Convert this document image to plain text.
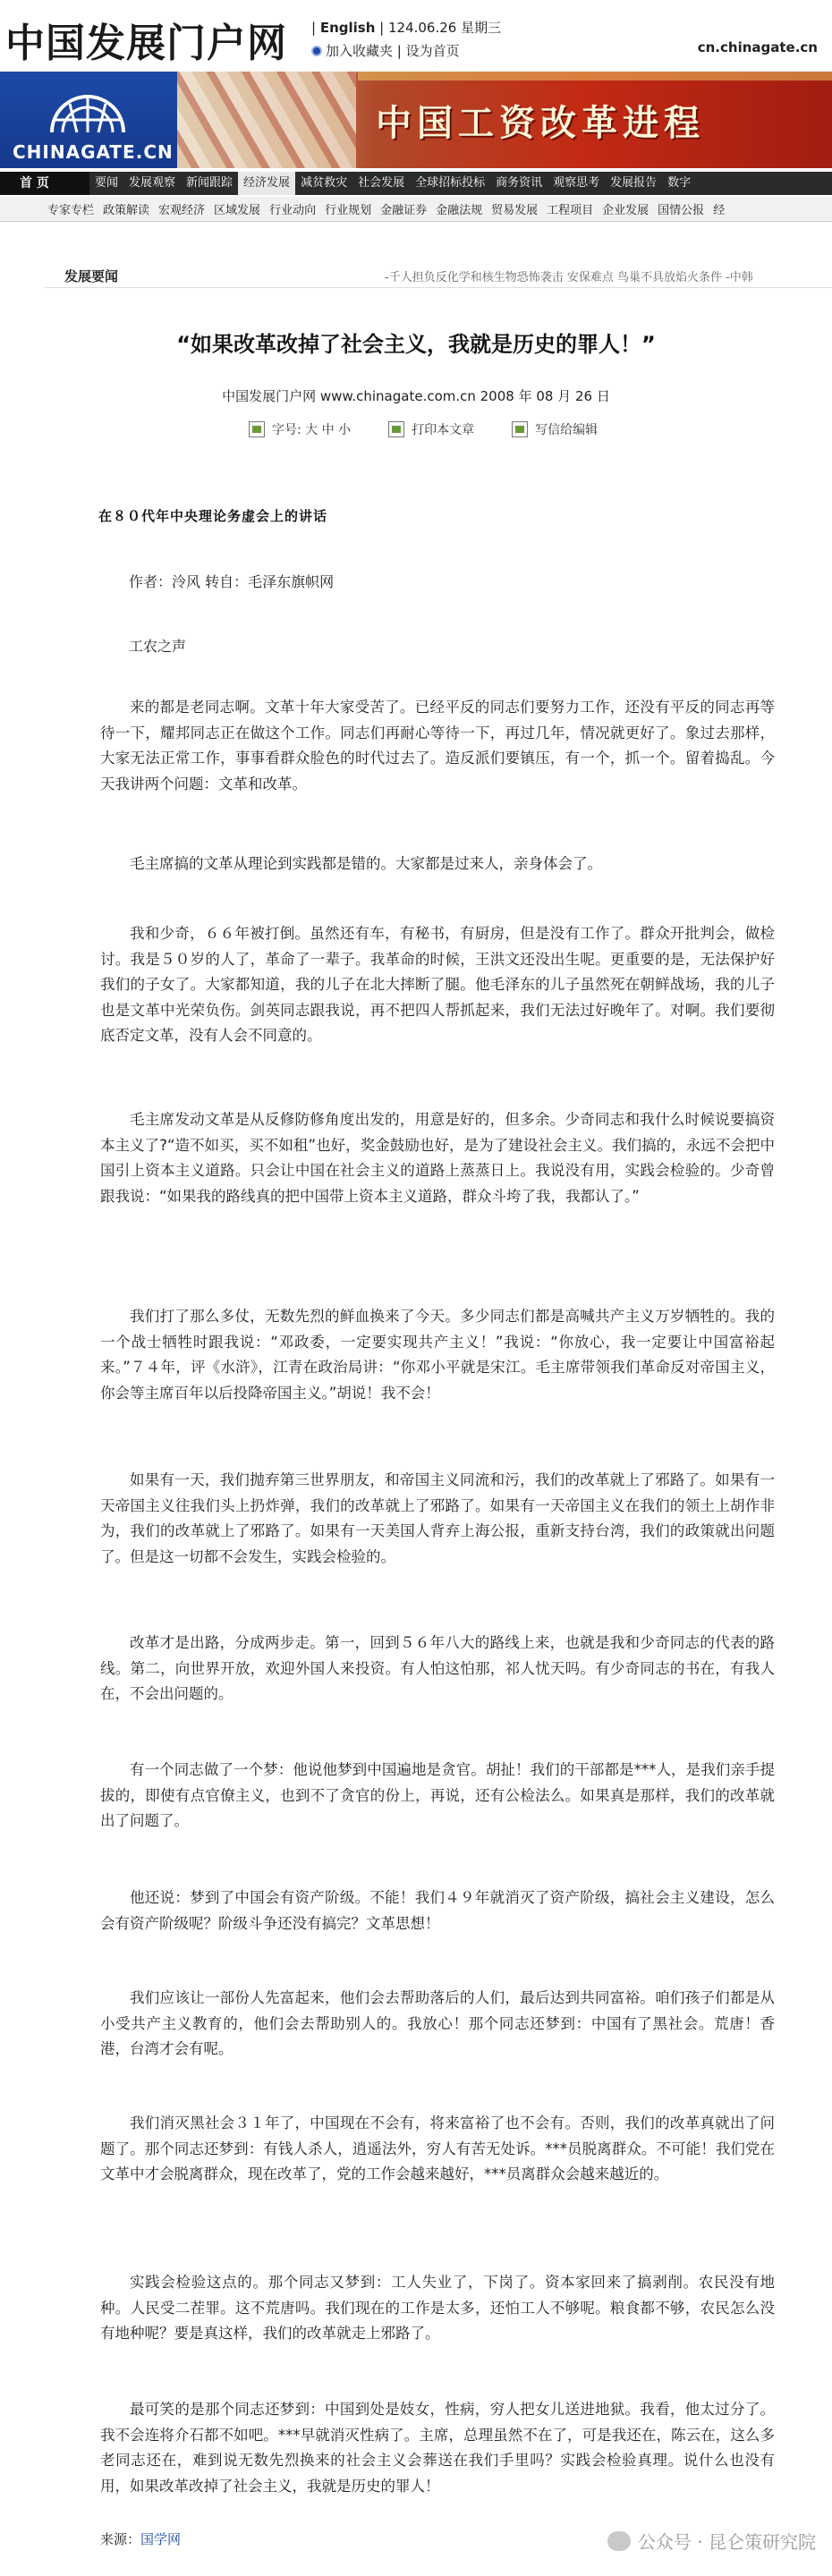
中国发展门户网 | English | 124.06.26 星期三
加入收藏夹 | 设为首页	cn.chinagate.cn
CHINAGATE.CN
中国工资改革进程
首 页	要闻 发展观察 新闻跟踪 经济发展 减贫救灾 社会发展 全球招标投标 商务资讯 观察思考 发展报告 数字
专家专栏 政策解读 宏观经济 区域发展 行业动向 行业规划 金融证券 金融法规 贸易发展 工程项目 企业发展 国情公报 经
发展要闻	-千人担负反化学和核生物恐怖袭击 安保难点 鸟巢不具放焰火条件 -中韩
“如果改革改掉了社会主义，我就是历史的罪人！”
中国发展门户网 www.chinagate.com.cn 2008 年 08 月 26 日
字号: 大 中 小	打印本文章	写信给编辑
在８０代年中央理论务虚会上的讲话
作者：泠风 转自：毛泽东旗帜网
工农之声
来的都是老同志啊。文革十年大家受苦了。已经平反的同志们要努力工作，还没有平反的同志再等待一下，耀邦同志正在做这个工作。同志们再耐心等待一下，再过几年，情况就更好了。象过去那样，大家无法正常工作，事事看群众脸色的时代过去了。造反派们要镇压，有一个，抓一个。留着捣乱。今天我讲两个问题：文革和改革。
毛主席搞的文革从理论到实践都是错的。大家都是过来人，亲身体会了。
我和少奇，６６年被打倒。虽然还有车，有秘书，有厨房，但是没有工作了。群众开批判会，做检讨。我是５０岁的人了，革命了一辈子。我革命的时候，王洪文还没出生呢。更重要的是，无法保护好我们的子女了。大家都知道，我的儿子在北大摔断了腿。他毛泽东的儿子虽然死在朝鲜战场，我的儿子也是文革中光荣负伤。剑英同志跟我说，再不把四人帮抓起来，我们无法过好晚年了。对啊。我们要彻底否定文革，没有人会不同意的。
毛主席发动文革是从反修防修角度出发的，用意是好的，但多余。少奇同志和我什么时候说要搞资本主义了?“造不如买，买不如租”也好，奖金鼓励也好，是为了建设社会主义。我们搞的，永远不会把中国引上资本主义道路。只会让中国在社会主义的道路上蒸蒸日上。我说没有用，实践会检验的。少奇曾跟我说：“如果我的路线真的把中国带上资本主义道路，群众斗垮了我，我都认了。”
我们打了那么多仗，无数先烈的鲜血换来了今天。多少同志们都是高喊共产主义万岁牺牲的。我的一个战士牺牲时跟我说：“邓政委，一定要实现共产主义！”我说：“你放心，我一定要让中国富裕起来。”７４年，评《水浒》，江青在政治局讲：“你邓小平就是宋江。毛主席带领我们革命反对帝国主义，你会等主席百年以后投降帝国主义。”胡说！我不会！
如果有一天，我们抛弃第三世界朋友，和帝国主义同流和污，我们的改革就上了邪路了。如果有一天帝国主义往我们头上扔炸弹，我们的改革就上了邪路了。如果有一天帝国主义在我们的领土上胡作非为，我们的改革就上了邪路了。如果有一天美国人背弃上海公报，重新支持台湾，我们的政策就出问题了。但是这一切都不会发生，实践会检验的。
改革才是出路，分成两步走。第一，回到５６年八大的路线上来，也就是我和少奇同志的代表的路线。第二，向世界开放，欢迎外国人来投资。有人怕这怕那，祁人忧天吗。有少奇同志的书在，有我人在，不会出问题的。
有一个同志做了一个梦：他说他梦到中国遍地是贪官。胡扯！我们的干部都是***人，是我们亲手提拔的，即使有点官僚主义，也到不了贪官的份上，再说，还有公检法么。如果真是那样，我们的改革就出了问题了。
他还说：梦到了中国会有资产阶级。不能！我们４９年就消灭了资产阶级，搞社会主义建设，怎么会有资产阶级呢？阶级斗争还没有搞完？文革思想！
我们应该让一部份人先富起来，他们会去帮助落后的人们，最后达到共同富裕。咱们孩子们都是从小受共产主义教育的，他们会去帮助别人的。我放心！那个同志还梦到：中国有了黑社会。荒唐！香港，台湾才会有呢。
我们消灭黑社会３１年了，中国现在不会有，将来富裕了也不会有。否则，我们的改革真就出了问题了。那个同志还梦到：有钱人杀人，逍遥法外，穷人有苦无处诉。***员脱离群众。不可能！我们党在文革中才会脱离群众，现在改革了，党的工作会越来越好，***员离群众会越来越近的。
实践会检验这点的。那个同志又梦到：工人失业了，下岗了。资本家回来了搞剥削。农民没有地种。人民受二茬罪。这不荒唐吗。我们现在的工作是太多，还怕工人不够呢。粮食都不够，农民怎么没有地种呢？要是真这样，我们的改革就走上邪路了。
最可笑的是那个同志还梦到：中国到处是妓女，性病，穷人把女儿送进地狱。我看，他太过分了。我不会连将介石都不如吧。***早就消灭性病了。主席，总理虽然不在了，可是我还在，陈云在，这么多老同志还在，难到说无数先烈换来的社会主义会葬送在我们手里吗？实践会检验真理。说什么也没有用，如果改革改掉了社会主义，我就是历史的罪人！
来源：国学网	公众号 · 昆仑策研究院
